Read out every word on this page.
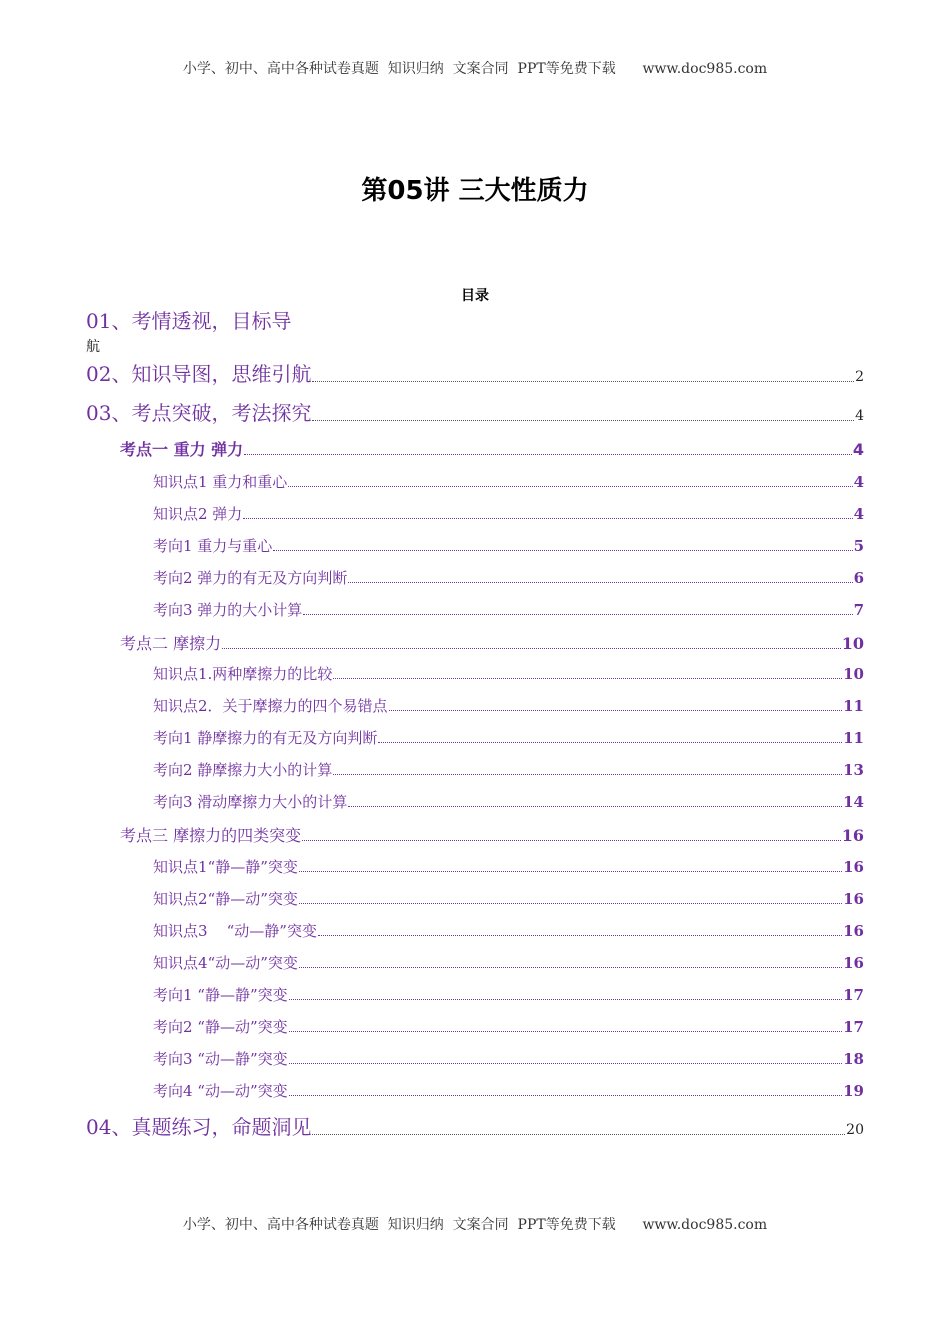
小学、初中、高中各种试卷真题  知识归纳  文案合同  PPT等免费下载      www.doc985.com
第05讲 三大性质力
目录
01、考情透视，目标导
航
02、知识导图，思维引航	2
03、考点突破，考法探究	4
考点一 重力 弹力	4
知识点1 重力和重心	4
知识点2 弹力	4
考向1 重力与重心	5
考向2 弹力的有无及方向判断	6
考向3 弹力的大小计算	7
考点二 摩擦力	10
知识点1.两种摩擦力的比较	10
知识点2．关于摩擦力的四个易错点	11
考向1 静摩擦力的有无及方向判断	11
考向2 静摩擦力大小的计算	13
考向3 滑动摩擦力大小的计算	14
考点三 摩擦力的四类突变	16
知识点1“静—静”突变	16
知识点2“静—动”突变	16
知识点3    “动—静”突变	16
知识点4“动—动”突变	16
考向1 “静—静”突变	17
考向2 “静—动”突变	17
考向3 “动—静”突变	18
考向4 “动—动”突变	19
04、真题练习，命题洞见	20
小学、初中、高中各种试卷真题  知识归纳  文案合同  PPT等免费下载      www.doc985.com
